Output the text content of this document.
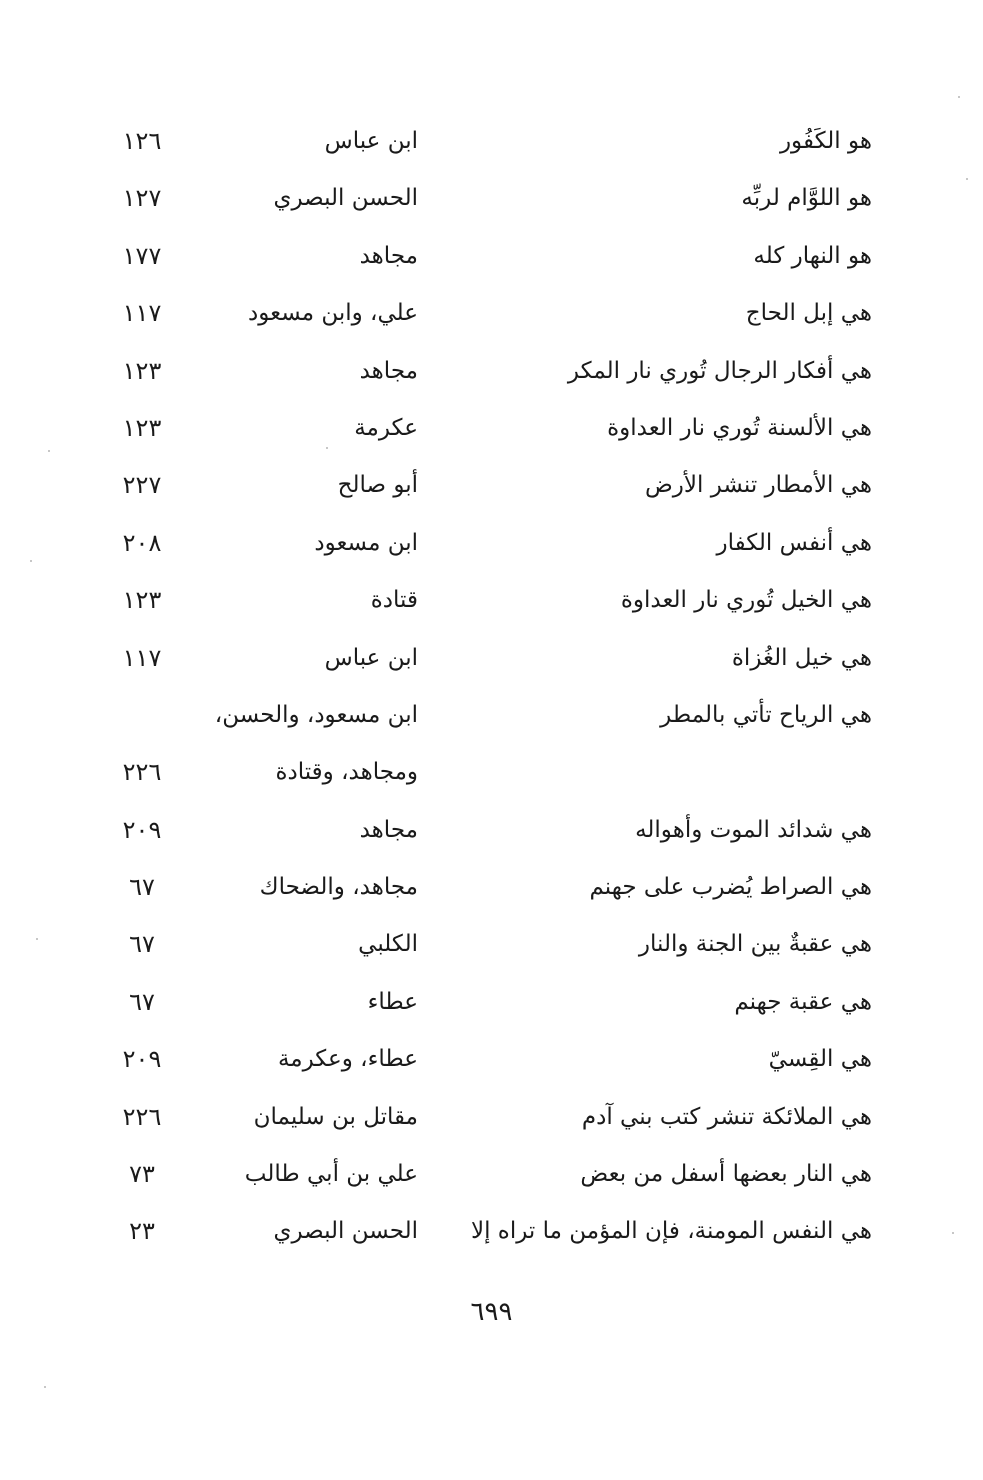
هو الكَفُور
ابن عباس
١٢٦
هو اللوَّام لربِّه
الحسن البصري
١٢٧
هو النهار كله
مجاهد
١٧٧
هي إبل الحاج
علي، وابن مسعود
١١٧
هي أفكار الرجال تُوري نار المكر
مجاهد
١٢٣
هي الألسنة تُوري نار العداوة
عكرمة
١٢٣
هي الأمطار تنشر الأرض
أبو صالح
٢٢٧
هي أنفس الكفار
ابن مسعود
٢٠٨
هي الخيل تُوري نار العداوة
قتادة
١٢٣
هي خيل الغُزاة
ابن عباس
١١٧
هي الرياح تأتي بالمطر
ابن مسعود، والحسن،
ومجاهد، وقتادة
٢٢٦
هي شدائد الموت وأهواله
مجاهد
٢٠٩
هي الصراط يُضرب على جهنم
مجاهد، والضحاك
٦٧
هي عقبةٌ بين الجنة والنار
الكلبي
٦٧
هي عقبة جهنم
عطاء
٦٧
هي القِسيّ
عطاء، وعكرمة
٢٠٩
هي الملائكة تنشر كتب بني آدم
مقاتل بن سليمان
٢٢٦
هي النار بعضها أسفل من بعض
علي بن أبي طالب
٧٣
هي النفس المومنة، فإن المؤمن ما تراه إلا
الحسن البصري
٢٣
٦٩٩
